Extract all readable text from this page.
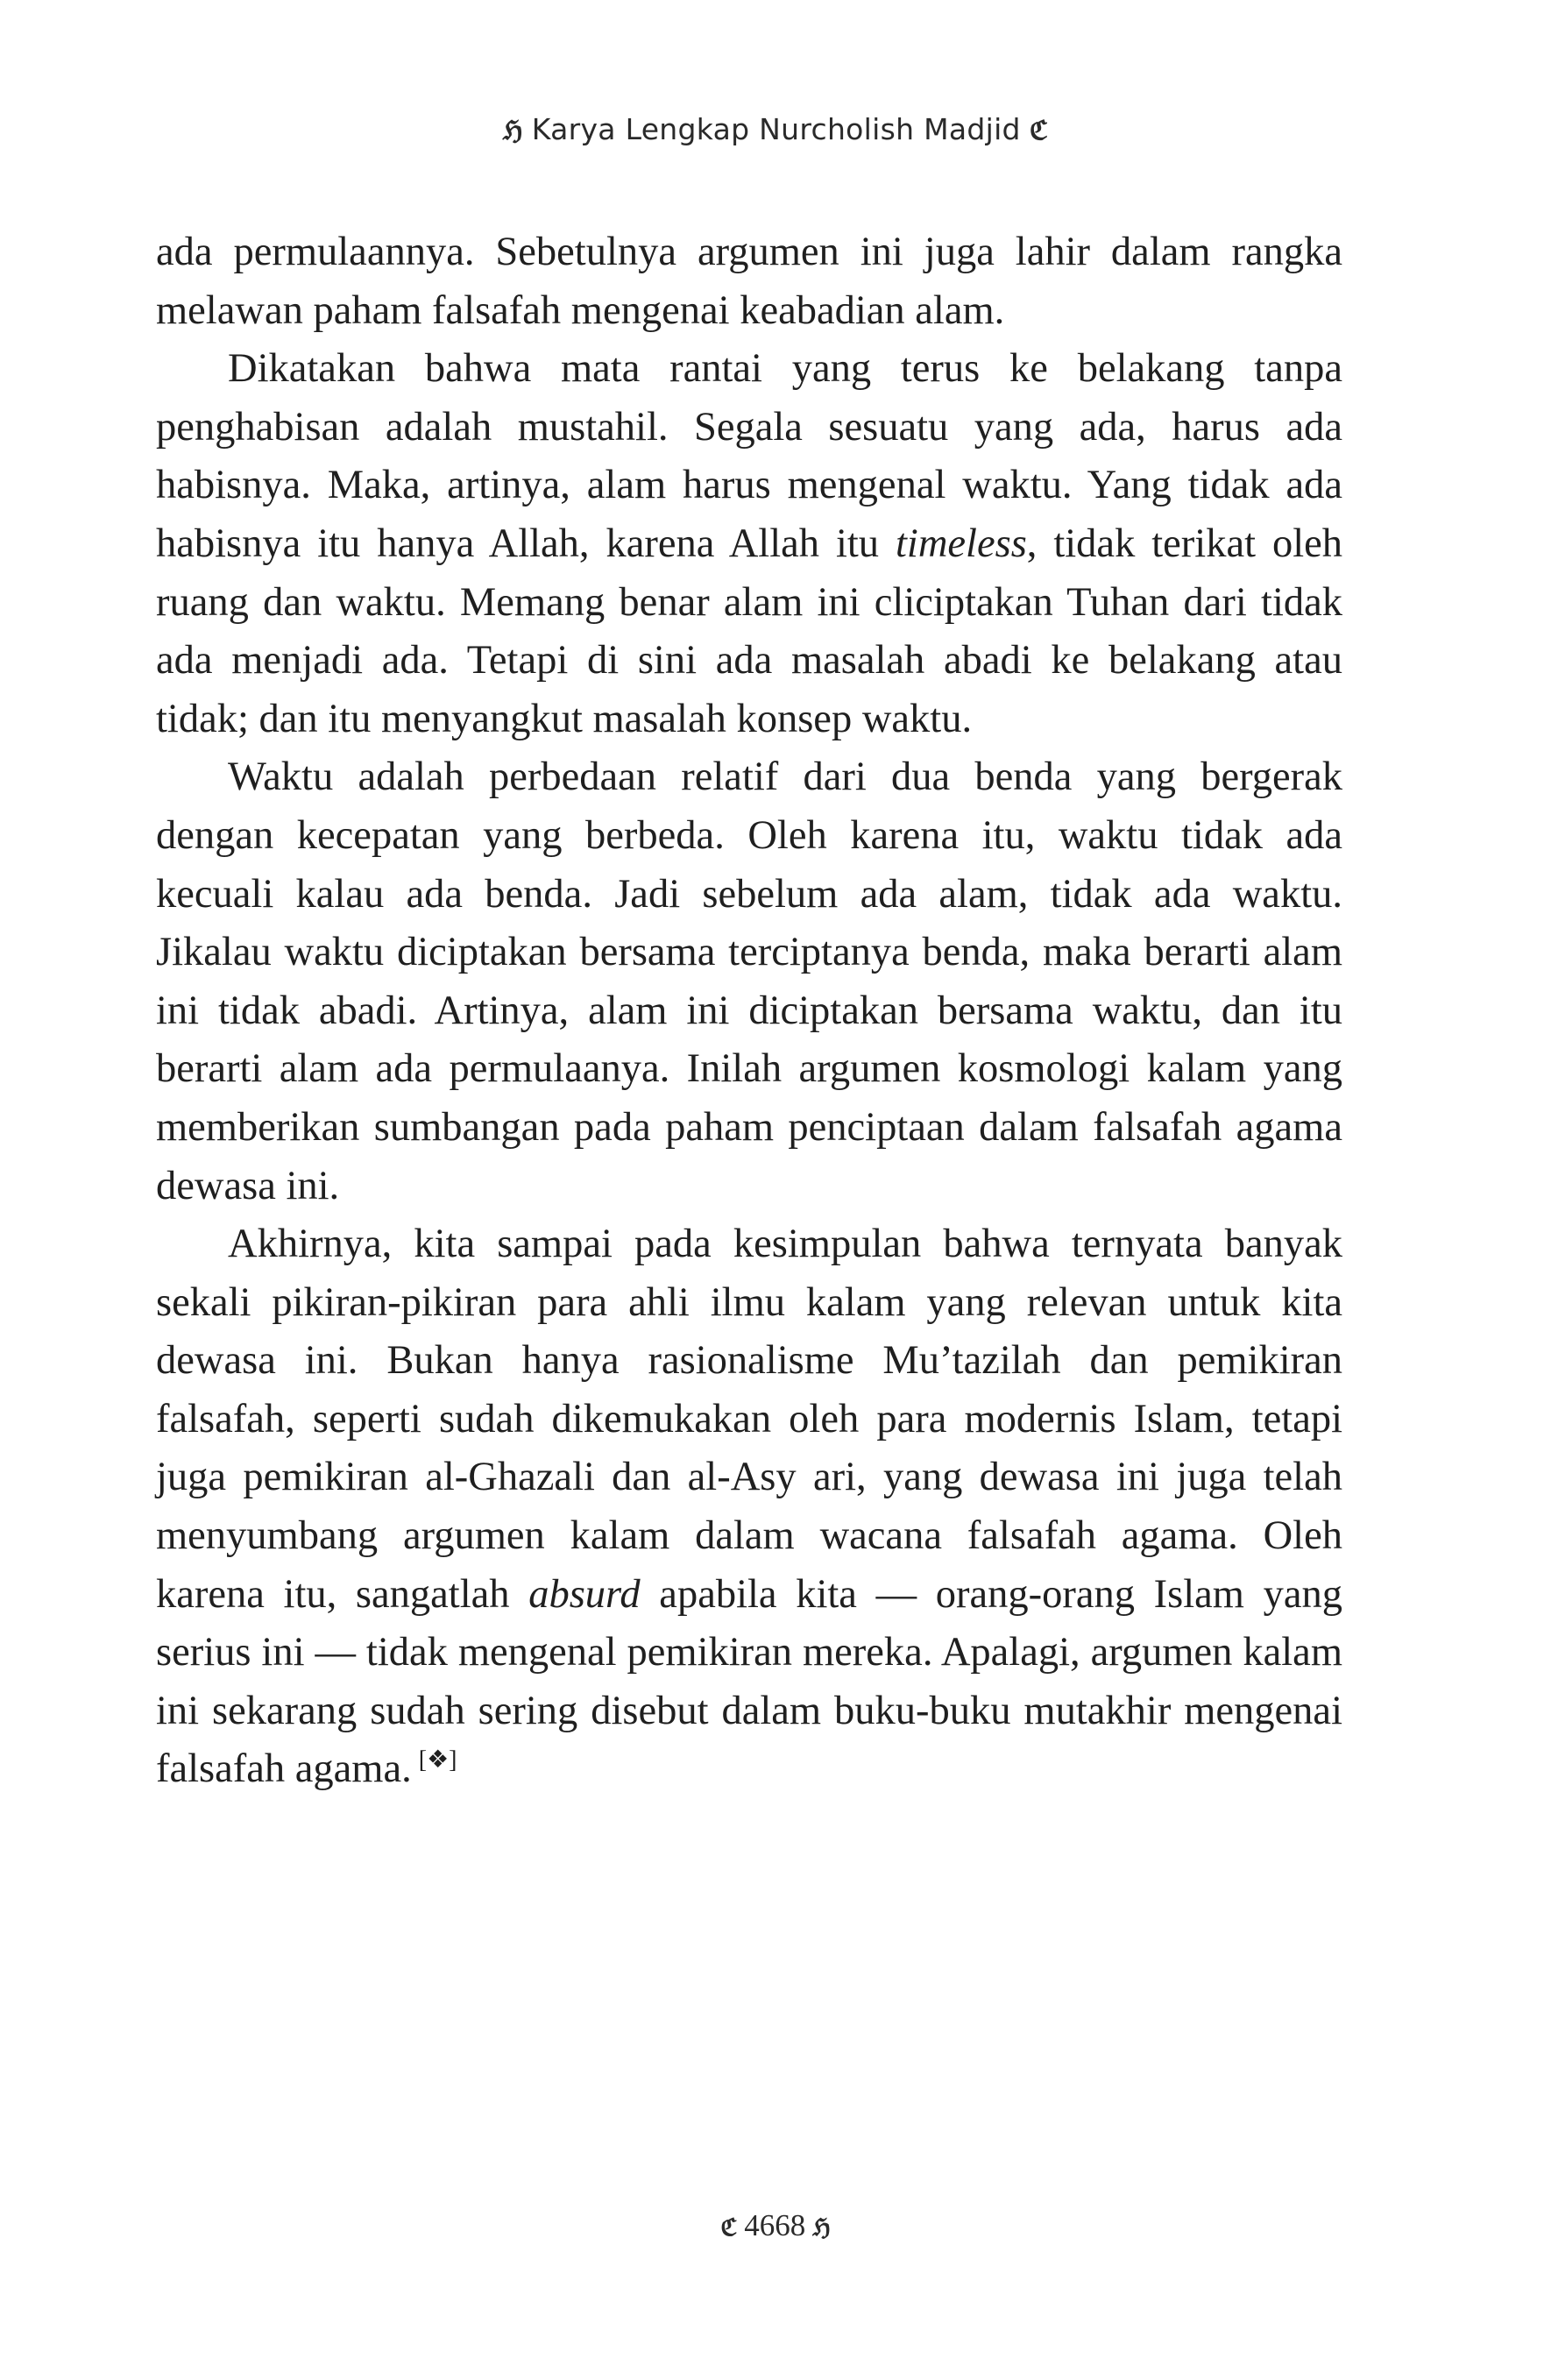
ℌ Karya Lengkap Nurcholish Madjid ℭ

ada permulaannya. Sebetulnya argumen ini juga lahir dalam rangka melawan paham falsafah mengenai keabadian alam.

Dikatakan bahwa mata rantai yang terus ke belakang tanpa penghabisan adalah mustahil. Segala sesuatu yang ada, harus ada habisnya. Maka, artinya, alam harus mengenal waktu. Yang tidak ada habisnya itu hanya Allah, karena Allah itu timeless, tidak terikat oleh ruang dan waktu. Memang benar alam ini cliciptakan Tuhan dari tidak ada menjadi ada. Tetapi di sini ada masalah abadi ke belakang atau tidak; dan itu menyangkut masalah konsep waktu.

Waktu adalah perbedaan relatif dari dua benda yang bergerak dengan kecepatan yang berbeda. Oleh karena itu, waktu tidak ada kecuali kalau ada benda. Jadi sebelum ada alam, tidak ada waktu. Jikalau waktu diciptakan bersama terciptanya benda, maka berarti alam ini tidak abadi. Artinya, alam ini diciptakan bersama waktu, dan itu berarti alam ada permulaanya. Inilah argumen kosmologi kalam yang memberikan sumbangan pada paham penciptaan dalam falsafah agama dewasa ini.

Akhirnya, kita sampai pada kesimpulan bahwa ternyata banyak sekali pikiran-pikiran para ahli ilmu kalam yang relevan untuk kita dewasa ini. Bukan hanya rasionalisme Mu’tazilah dan pemikiran falsafah, seperti sudah dikemukakan oleh para modernis Islam, tetapi juga pemikiran al-Ghazali dan al-Asy ari, yang dewasa ini juga telah menyumbang argumen kalam dalam wacana falsafah agama. Oleh karena itu, sangatlah absurd apabila kita — orang-orang Islam yang serius ini — tidak mengenal pemikiran mereka. Apalagi, argumen kalam ini sekarang sudah sering disebut dalam buku-buku mutakhir mengenai falsafah agama. [❖]

ℭ 4668 ℌ
